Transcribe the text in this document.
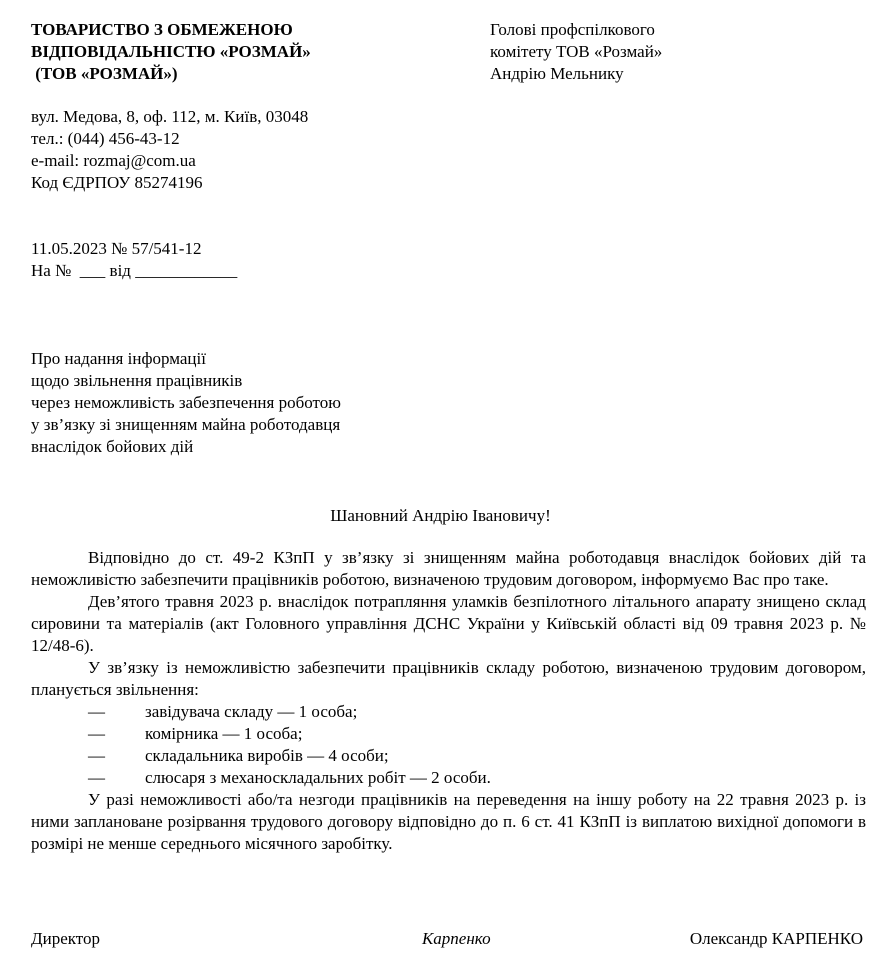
ТОВАРИСТВО З ОБМЕЖЕНОЮ
ВІДПОВІДАЛЬНІСТЮ «РОЗМАЙ»
(ТОВ «РОЗМАЙ»)
Голові профспілкового
комітету ТОВ «Розмай»
Андрію Мельнику
вул. Медова, 8, оф. 112, м. Київ, 03048
тел.: (044) 456-43-12
e-mail: rozmaj@com.ua
Код ЄДРПОУ 85274196
11.05.2023 № 57/541-12
На №  ___ від ____________
Про надання інформації
щодо звільнення працівників
через неможливість забезпечення роботою
у зв’язку зі знищенням майна роботодавця
внаслідок бойових дій
Шановний Андрію Івановичу!

Відповідно до ст. 49-2 КЗпП у зв’язку зі знищенням майна роботодавця внаслідок бойових дій та неможливістю забезпечити працівників роботою, визначеною трудовим договором, інформуємо Вас про таке.

Дев’ятого травня 2023 р. внаслідок потрапляння уламків безпілотного літального апарату знищено склад сировини та матеріалів (акт Головного управління ДСНС України у Київській області від 09 травня 2023 р. № 12/48-6).

У зв’язку із неможливістю забезпечити працівників складу роботою, визначеною трудовим договором, планується звільнення:

—	завідувача складу — 1 особа;
—	комірника — 1 особа;
—	складальника виробів — 4 особи;
—	слюсаря з механоскладальних робіт — 2 особи.

У разі неможливості або/та незгоди працівників на переведення на іншу роботу на 22 травня 2023 р. із ними заплановане розірвання трудового договору відповідно до п. 6 ст. 41 КЗпП із виплатою вихідної допомоги в розмірі не менше середнього місячного заробітку.

Директор	Карпенко	Олександр КАРПЕНКО
